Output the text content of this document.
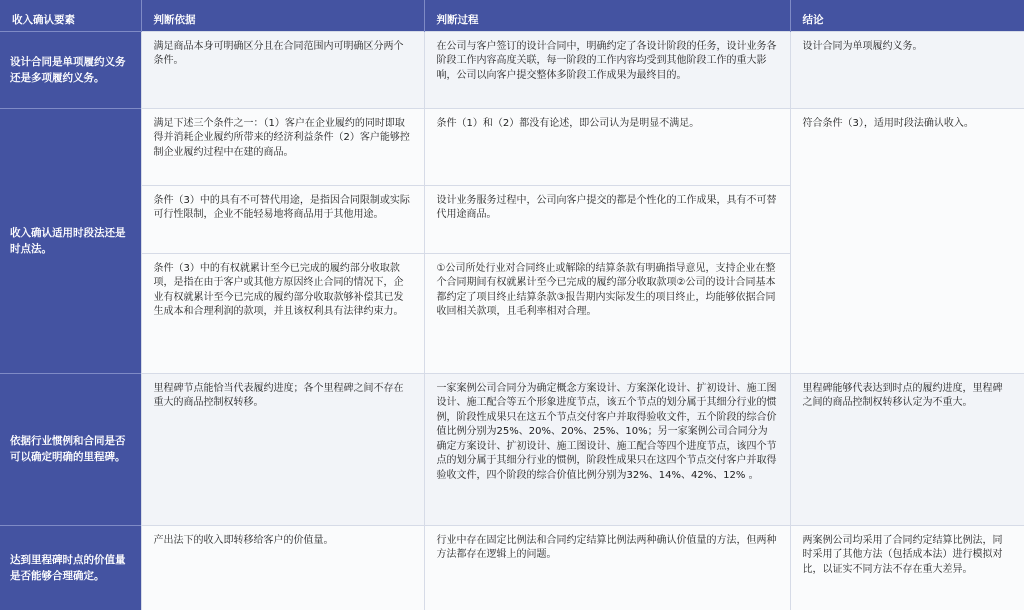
收入确认要素	判断依据	判断过程	结论
设计合同是单项履约义务还是多项履约义务。	满足商品本身可明确区分且在合同范围内可明确区分两个条件。	在公司与客户签订的设计合同中，明确约定了各设计阶段的任务，设计业务各阶段工作内容高度关联，每一阶段的工作内容均受到其他阶段工作的重大影响，公司以向客户提交整体多阶段工作成果为最终目的。	设计合同为单项履约义务。
收入确认适用时段法还是时点法。	满足下述三个条件之一：（1）客户在企业履约的同时即取得并消耗企业履约所带来的经济利益条件（2）客户能够控制企业履约过程中在建的商品。	条件（1）和（2）都没有论述，即公司认为是明显不满足。	符合条件（3），适用时段法确认收入。
	条件（3）中的具有不可替代用途，是指因合同限制或实际可行性限制，企业不能轻易地将商品用于其他用途。	设计业务服务过程中，公司向客户提交的都是个性化的工作成果，具有不可替代用途商品。	
	条件（3）中的有权就累计至今已完成的履约部分收取款项，是指在由于客户或其他方原因终止合同的情况下，企业有权就累计至今已完成的履约部分收取款够补偿其已发生成本和合理利润的款项，并且该权利具有法律约束力。	①公司所处行业对合同终止或解除的结算条款有明确指导意见，支持企业在整个合同期间有权就累计至今已完成的履约部分收取款项②公司的设计合同基本都约定了项目终止结算条款③报告期内实际发生的项目终止，均能够依据合同收回相关款项，且毛利率相对合理。	
依据行业惯例和合同是否可以确定明确的里程碑。	里程碑节点能恰当代表履约进度；各个里程碑之间不存在重大的商品控制权转移。	一家案例公司合同分为确定概念方案设计、方案深化设计、扩初设计、施工图设计、施工配合等五个形象进度节点，该五个节点的划分属于其细分行业的惯例，阶段性成果只在这五个节点交付客户并取得验收文件，五个阶段的综合价值比例分别为25%、20%、20%、25%、10%；另一家案例公司合同分为确定方案设计、扩初设计、施工图设计、施工配合等四个进度节点，该四个节点的划分属于其细分行业的惯例，阶段性成果只在这四个节点交付客户并取得验收文件，四个阶段的综合价值比例分别为32%、14%、42%、12% 。	里程碑能够代表达到时点的履约进度，里程碑之间的商品控制权转移认定为不重大。
达到里程碑时点的价值量是否能够合理确定。	产出法下的收入即转移给客户的价值量。	行业中存在固定比例法和合同约定结算比例法两种确认价值量的方法，但两种方法都存在逻辑上的问题。	两案例公司均采用了合同约定结算比例法，同时采用了其他方法（包括成本法）进行模拟对比，以证实不同方法不存在重大差异。
